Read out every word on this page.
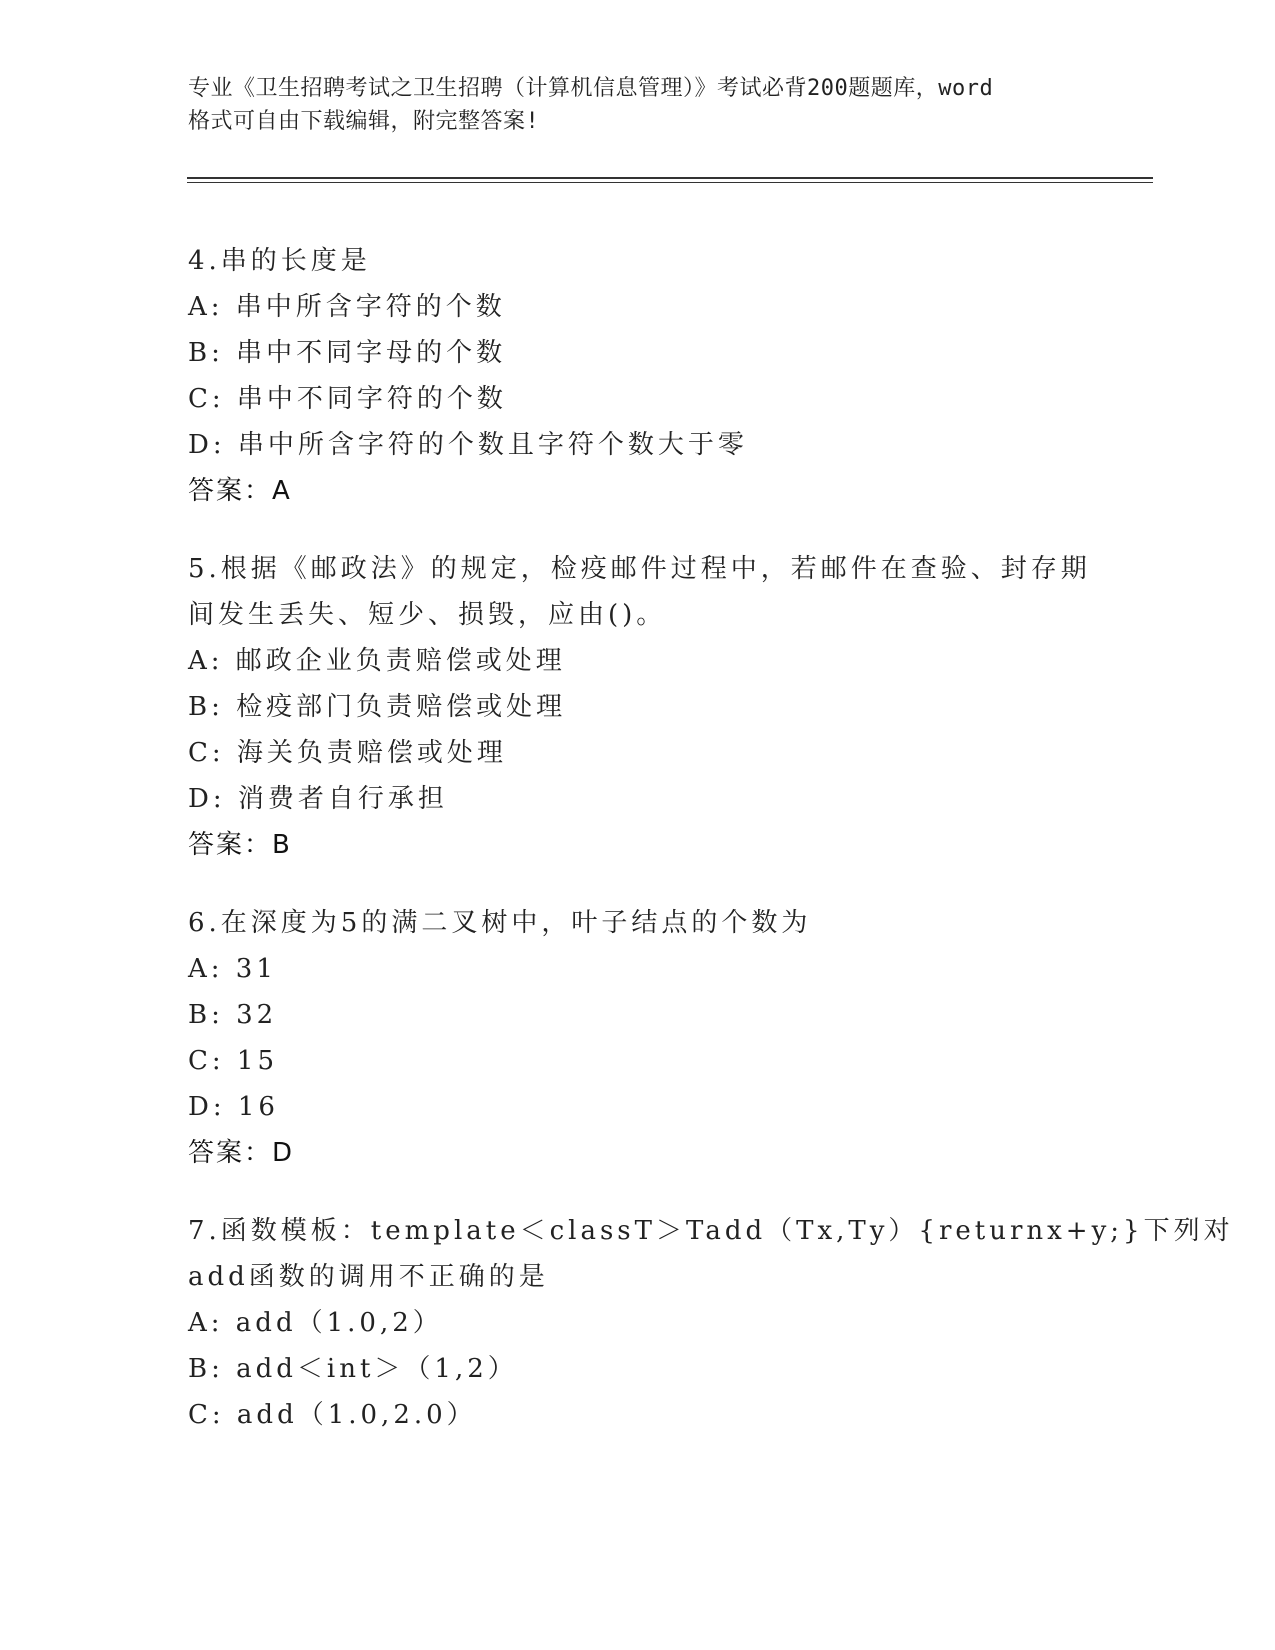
专业《卫生招聘考试之卫生招聘（计算机信息管理）》考试必背200题题库，word
格式可自由下载编辑，附完整答案!
4.串的长度是
A: 串中所含字符的个数
B: 串中不同字母的个数
C: 串中不同字符的个数
D: 串中所含字符的个数且字符个数大于零
答案：A
5.根据《邮政法》的规定，检疫邮件过程中，若邮件在查验、封存期
间发生丢失、短少、损毁，应由()。
A: 邮政企业负责赔偿或处理
B: 检疫部门负责赔偿或处理
C: 海关负责赔偿或处理
D: 消费者自行承担
答案：B
6.在深度为5的满二叉树中，叶子结点的个数为
A: 31
B: 32
C: 15
D: 16
答案：D
7.函数模板：template＜classT＞Tadd（Tx,Ty）{returnx+y;}下列对
add函数的调用不正确的是
A: add（1.0,2）
B: add＜int＞（1,2）
C: add（1.0,2.0）
